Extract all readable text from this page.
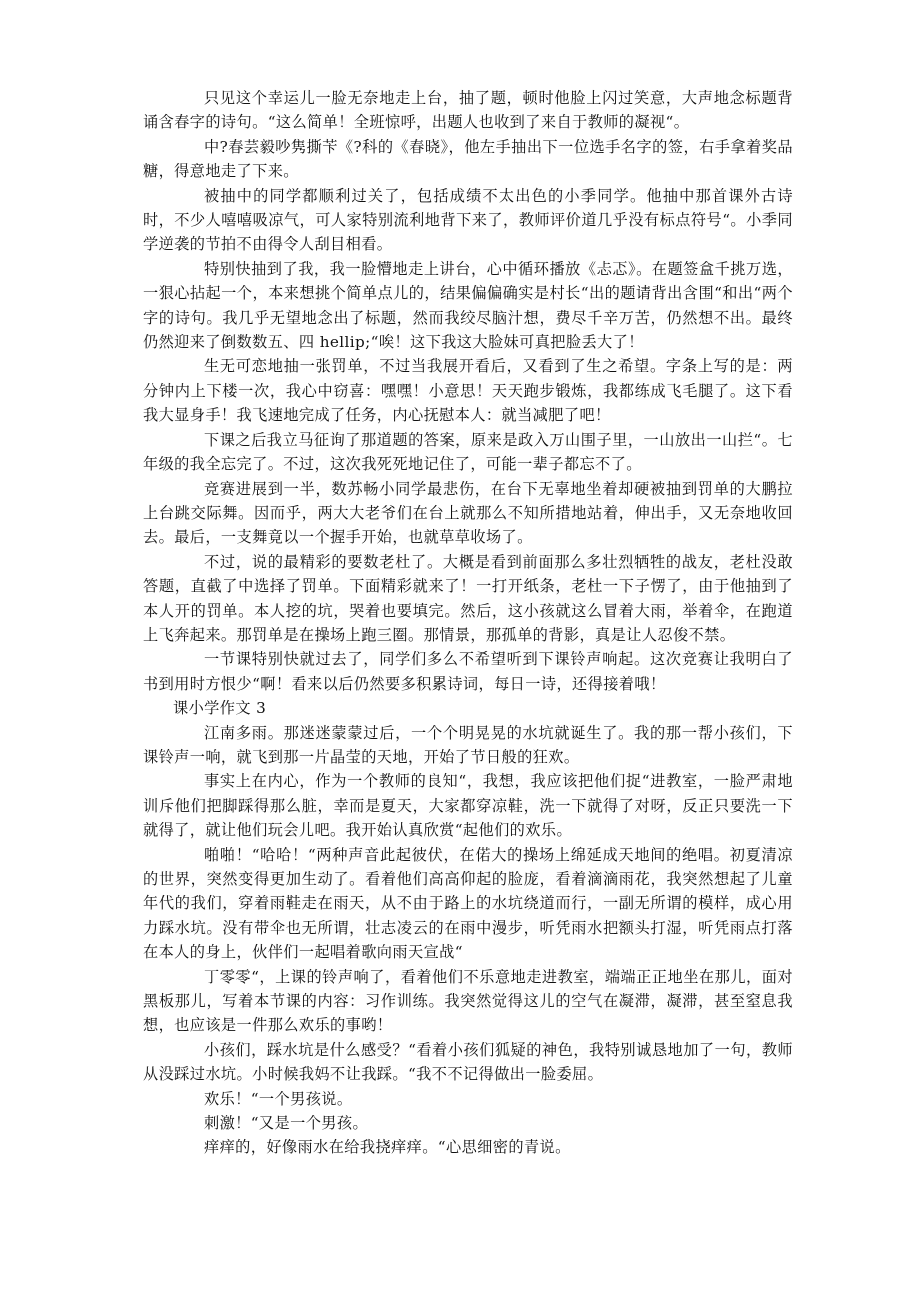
只见这个幸运儿一脸无奈地走上台，抽了题，顿时他脸上闪过笑意，大声地念标题背诵含春字的诗句。“这么简单！全班惊呼，出题人也收到了来自于教师的凝视“。

中?春芸毅吵隽撕苄《?科的《春晓》，他左手抽出下一位选手名字的签，右手拿着奖品糖，得意地走了下来。

被抽中的同学都顺利过关了，包括成绩不太出色的小季同学。他抽中那首课外古诗时，不少人嘻嘻吸凉气，可人家特别流利地背下来了，教师评价道几乎没有标点符号“。小季同学逆袭的节拍不由得令人刮目相看。

特别快抽到了我，我一脸懵地走上讲台，心中循环播放《忐忑》。在题签盒千挑万选，一狠心拈起一个，本来想挑个简单点儿的，结果偏偏确实是村长“出的题请背出含围“和出“两个字的诗句。我几乎无望地念出了标题，然而我绞尽脑汁想，费尽千辛万苦，仍然想不出。最终仍然迎来了倒数数五、四 hellip;“唉！这下我这大脸妹可真把脸丢大了！

生无可恋地抽一张罚单，不过当我展开看后，又看到了生之希望。字条上写的是：两分钟内上下楼一次，我心中窃喜：嘿嘿！小意思！天天跑步锻炼，我都练成飞毛腿了。这下看我大显身手！我飞速地完成了任务，内心抚慰本人：就当减肥了吧！

下课之后我立马征询了那道题的答案，原来是政入万山围子里，一山放出一山拦“。七年级的我全忘完了。不过，这次我死死地记住了，可能一辈子都忘不了。

竞赛进展到一半，数苏畅小同学最悲伤，在台下无辜地坐着却硬被抽到罚单的大鹏拉上台跳交际舞。因而乎，两大大老爷们在台上就那么不知所措地站着，伸出手，又无奈地收回去。最后，一支舞竟以一个握手开始，也就草草收场了。

不过，说的最精彩的要数老杜了。大概是看到前面那么多壮烈牺牲的战友，老杜没敢答题，直截了中选择了罚单。下面精彩就来了！一打开纸条，老杜一下子愣了，由于他抽到了本人开的罚单。本人挖的坑，哭着也要填完。然后，这小孩就这么冒着大雨，举着伞，在跑道上飞奔起来。那罚单是在操场上跑三圈。那情景，那孤单的背影，真是让人忍俊不禁。

一节课特别快就过去了，同学们多么不希望听到下课铃声响起。这次竞赛让我明白了书到用时方恨少“啊！看来以后仍然要多积累诗词，每日一诗，还得接着哦！

课小学作文 3

江南多雨。那迷迷蒙蒙过后，一个个明晃晃的水坑就诞生了。我的那一帮小孩们，下课铃声一响，就飞到那一片晶莹的天地，开始了节日般的狂欢。

事实上在内心，作为一个教师的良知“，我想，我应该把他们捉“进教室，一脸严肃地训斥他们把脚踩得那么脏，幸而是夏天，大家都穿凉鞋，洗一下就得了对呀，反正只要洗一下就得了，就让他们玩会儿吧。我开始认真欣赏“起他们的欢乐。

啪啪！“哈哈！“两种声音此起彼伏，在偌大的操场上绵延成天地间的绝唱。初夏清凉的世界，突然变得更加生动了。看着他们高高仰起的脸庞，看着滴滴雨花，我突然想起了儿童年代的我们，穿着雨鞋走在雨天，从不由于路上的水坑绕道而行，一副无所谓的模样，成心用力踩水坑。没有带伞也无所谓，壮志凌云的在雨中漫步，听凭雨水把额头打湿，听凭雨点打落在本人的身上，伙伴们一起唱着歌向雨天宣战“

丁零零“，上课的铃声响了，看着他们不乐意地走进教室，端端正正地坐在那儿，面对黑板那儿，写着本节课的内容：习作训练。我突然觉得这儿的空气在凝滞，凝滞，甚至窒息我想，也应该是一件那么欢乐的事哟！

小孩们，踩水坑是什么感受？“看着小孩们狐疑的神色，我特别诚恳地加了一句，教师从没踩过水坑。小时候我妈不让我踩。“我不不记得做出一脸委屈。

欢乐！“一个男孩说。

刺激！“又是一个男孩。

痒痒的，好像雨水在给我挠痒痒。“心思细密的青说。
